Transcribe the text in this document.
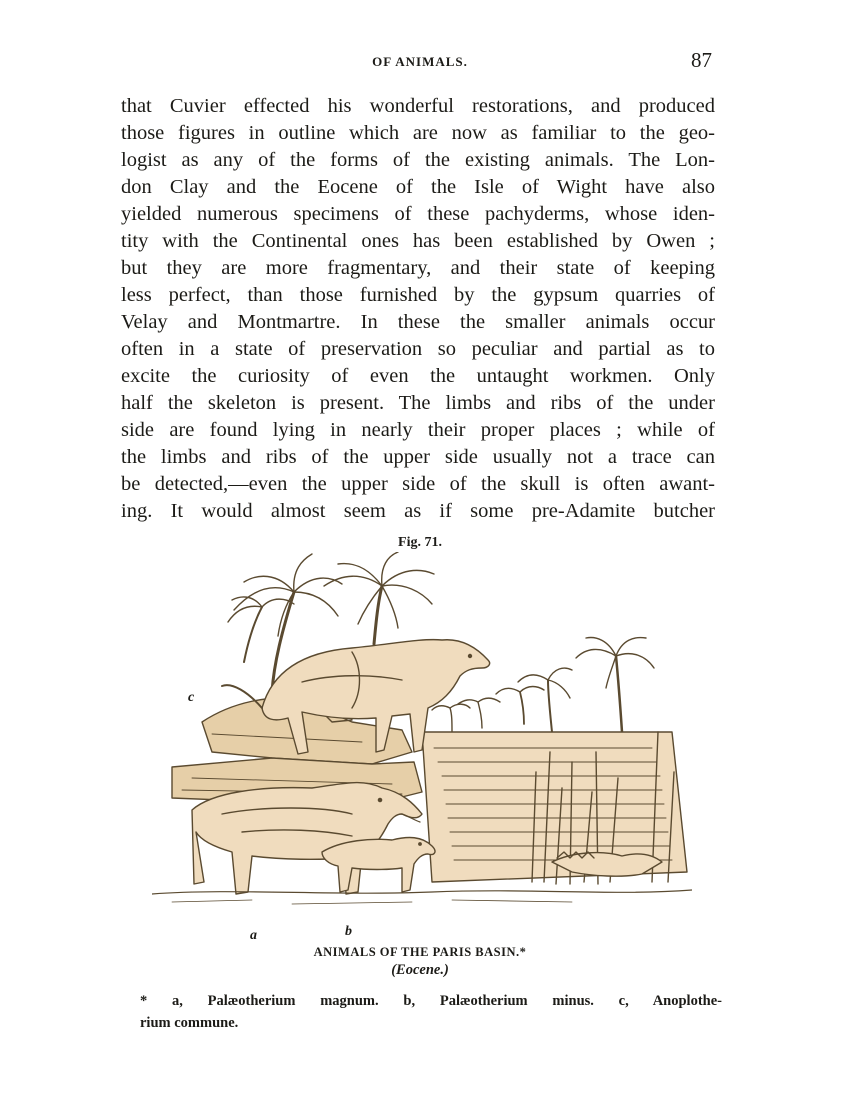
OF ANIMALS.	87
that Cuvier effected his wonderful restorations, and produced
those figures in outline which are now as familiar to the geo-
logist as any of the forms of the existing animals. The Lon-
don Clay and the Eocene of the Isle of Wight have also
yielded numerous specimens of these pachyderms, whose iden-
tity with the Continental ones has been established by Owen ;
but they are more fragmentary, and their state of keeping
less perfect, than those furnished by the gypsum quarries of
Velay and Montmartre. In these the smaller animals occur
often in a state of preservation so peculiar and partial as to
excite the curiosity of even the untaught workmen. Only
half the skeleton is present. The limbs and ribs of the under
side are found lying in nearly their proper places ; while of
the limbs and ribs of the upper side usually not a trace can
be detected,—even the upper side of the skull is often awant-
ing. It would almost seem as if some pre-Adamite butcher
Fig. 71.
c
a	b
ANIMALS OF THE PARIS BASIN.*
(Eocene.)
* a, Palæotherium magnum. b, Palæotherium minus. c, Anoplothe-
rium commune.
